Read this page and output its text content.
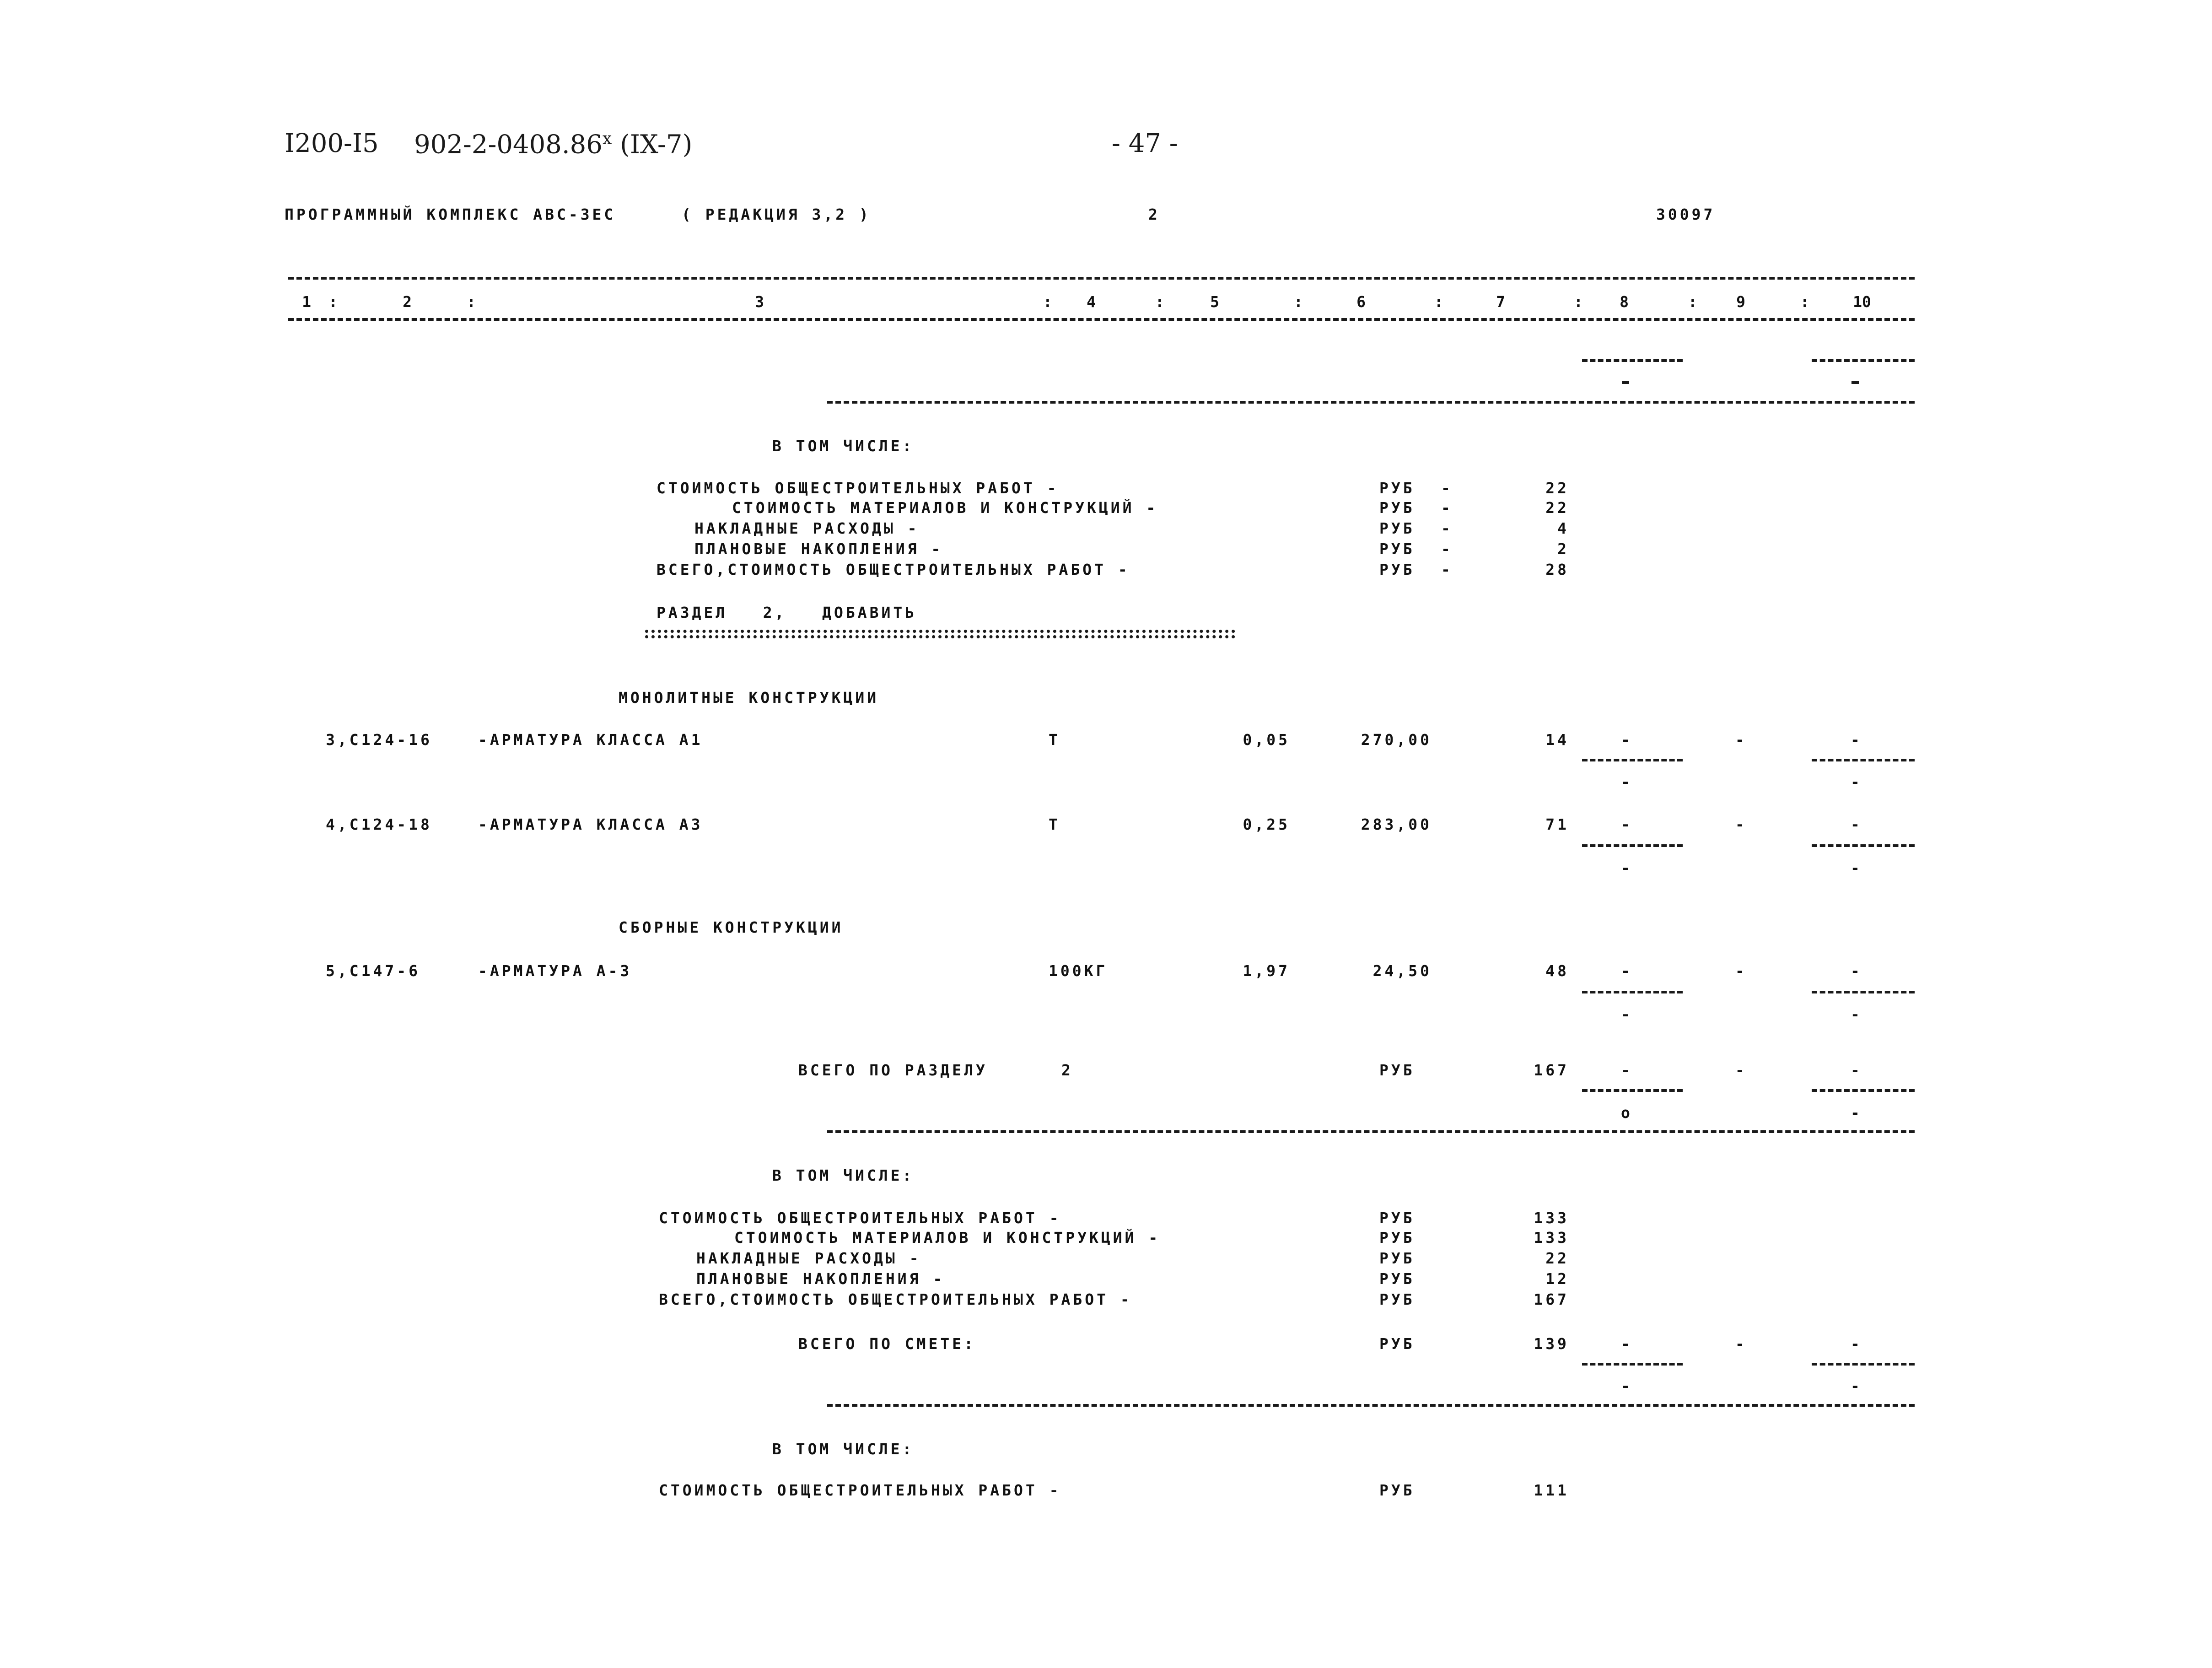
I200-I5 902-2-0408.86$^x$ (IX-7)	- 47 -
ПРОГРАММНЫЙ КОМПЛЕКС АВС-3ЕС	( РЕДАКЦИЯ 3,2 )	2	30097
1	:	2	:	3	:	4	:	5	:	6	:	7	:	8	:	9	:	10
В ТОМ ЧИСЛЕ:
СТОИМОСТЬ ОБЩЕСТРОИТЕЛЬНЫХ РАБОТ -	РУБ -	22
СТОИМОСТЬ МАТЕРИАЛОВ И КОНСТРУКЦИЙ -	РУБ -	22
НАКЛАДНЫЕ РАСХОДЫ -	РУБ -	4
ПЛАНОВЫЕ НАКОПЛЕНИЯ -	РУБ -	2
ВСЕГО,СТОИМОСТЬ ОБЩЕСТРОИТЕЛЬНЫХ РАБОТ -	РУБ -	28
РАЗДЕЛ   2,   ДОБАВИТЬ
МОНОЛИТНЫЕ КОНСТРУКЦИИ
3,С124-16	-АРМАТУРА КЛАССА А1	Т	0,05	270,00	14	-	-	-
-	-
4,С124-18	-АРМАТУРА КЛАССА А3	Т	0,25	283,00	71	-	-	-
-	-
СБОРНЫЕ КОНСТРУКЦИИ
5,С147-6	-АРМАТУРА А-3	100КГ	1,97	24,50	48	-	-	-
-	-
ВСЕГО ПО РАЗДЕЛУ	2	РУБ	167	-	-	-
о	-
В ТОМ ЧИСЛЕ:
СТОИМОСТЬ ОБЩЕСТРОИТЕЛЬНЫХ РАБОТ -	РУБ	133
СТОИМОСТЬ МАТЕРИАЛОВ И КОНСТРУКЦИЙ -	РУБ	133
НАКЛАДНЫЕ РАСХОДЫ -	РУБ	22
ПЛАНОВЫЕ НАКОПЛЕНИЯ -	РУБ	12
ВСЕГО,СТОИМОСТЬ ОБЩЕСТРОИТЕЛЬНЫХ РАБОТ -	РУБ	167
ВСЕГО ПО СМЕТЕ:	РУБ	139	-	-	-
-	-
В ТОМ ЧИСЛЕ:
СТОИМОСТЬ ОБЩЕСТРОИТЕЛЬНЫХ РАБОТ -	РУБ	111
